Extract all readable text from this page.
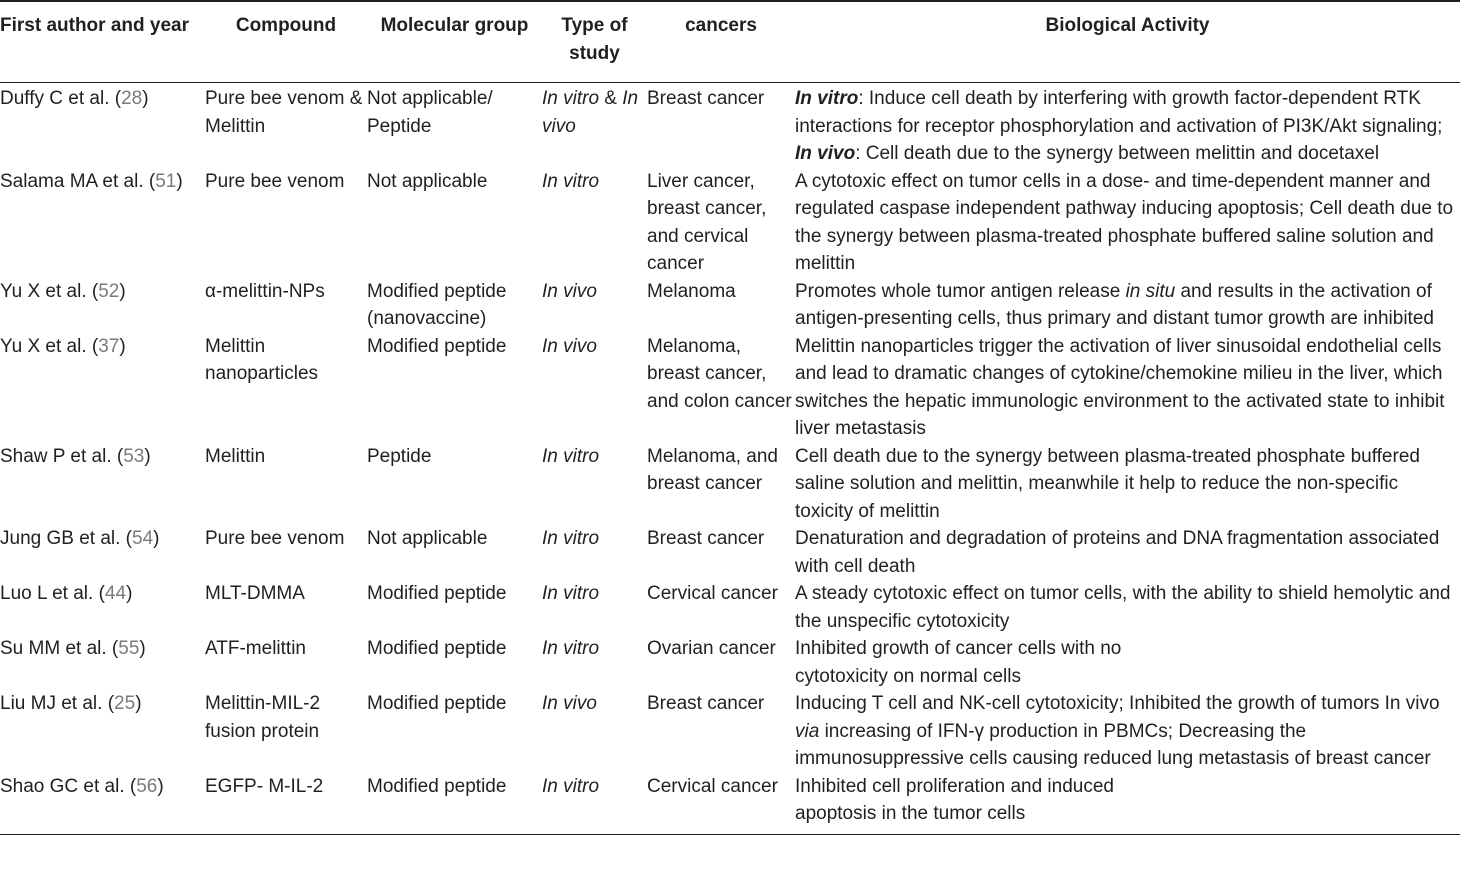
First author and year	Compound	Molecular group	Type of study	cancers	Biological Activity
Duffy C et al. (28)	Pure bee venom & Melittin	Not applicable/ Peptide	In vitro & In vivo	Breast cancer	In vitro: Induce cell death by interfering with growth factor-dependent RTK interactions for receptor phosphorylation and activation of PI3K/Akt signaling; In vivo: Cell death due to the synergy between melittin and docetaxel
Salama MA et al. (51)	Pure bee venom	Not applicable	In vitro	Liver cancer, breast cancer, and cervical cancer	A cytotoxic effect on tumor cells in a dose- and time-dependent manner and regulated caspase independent pathway inducing apoptosis; Cell death due to the synergy between plasma-treated phosphate buffered saline solution and melittin
Yu X et al. (52)	α-melittin-NPs	Modified peptide (nanovaccine)	In vivo	Melanoma	Promotes whole tumor antigen release in situ and results in the activation of antigen-presenting cells, thus primary and distant tumor growth are inhibited
Yu X et al. (37)	Melittin nanoparticles	Modified peptide	In vivo	Melanoma, breast cancer, and colon cancer	Melittin nanoparticles trigger the activation of liver sinusoidal endothelial cells and lead to dramatic changes of cytokine/chemokine milieu in the liver, which switches the hepatic immunologic environment to the activated state to inhibit liver metastasis
Shaw P et al. (53)	Melittin	Peptide	In vitro	Melanoma, and breast cancer	Cell death due to the synergy between plasma-treated phosphate buffered saline solution and melittin, meanwhile it help to reduce the non-specific toxicity of melittin
Jung GB et al. (54)	Pure bee venom	Not applicable	In vitro	Breast cancer	Denaturation and degradation of proteins and DNA fragmentation associated with cell death
Luo L et al. (44)	MLT-DMMA	Modified peptide	In vitro	Cervical cancer	A steady cytotoxic effect on tumor cells, with the ability to shield hemolytic and the unspecific cytotoxicity
Su MM et al. (55)	ATF-melittin	Modified peptide	In vitro	Ovarian cancer	Inhibited growth of cancer cells with no
cytotoxicity on normal cells
Liu MJ et al. (25)	Melittin-MIL-2 fusion protein	Modified peptide	In vivo	Breast cancer	Inducing T cell and NK-cell cytotoxicity; Inhibited the growth of tumors In vivo via increasing of IFN-γ production in PBMCs; Decreasing the immunosuppressive cells causing reduced lung metastasis of breast cancer
Shao GC et al. (56)	EGFP- M-IL-2	Modified peptide	In vitro	Cervical cancer	Inhibited cell proliferation and induced
apoptosis in the tumor cells
